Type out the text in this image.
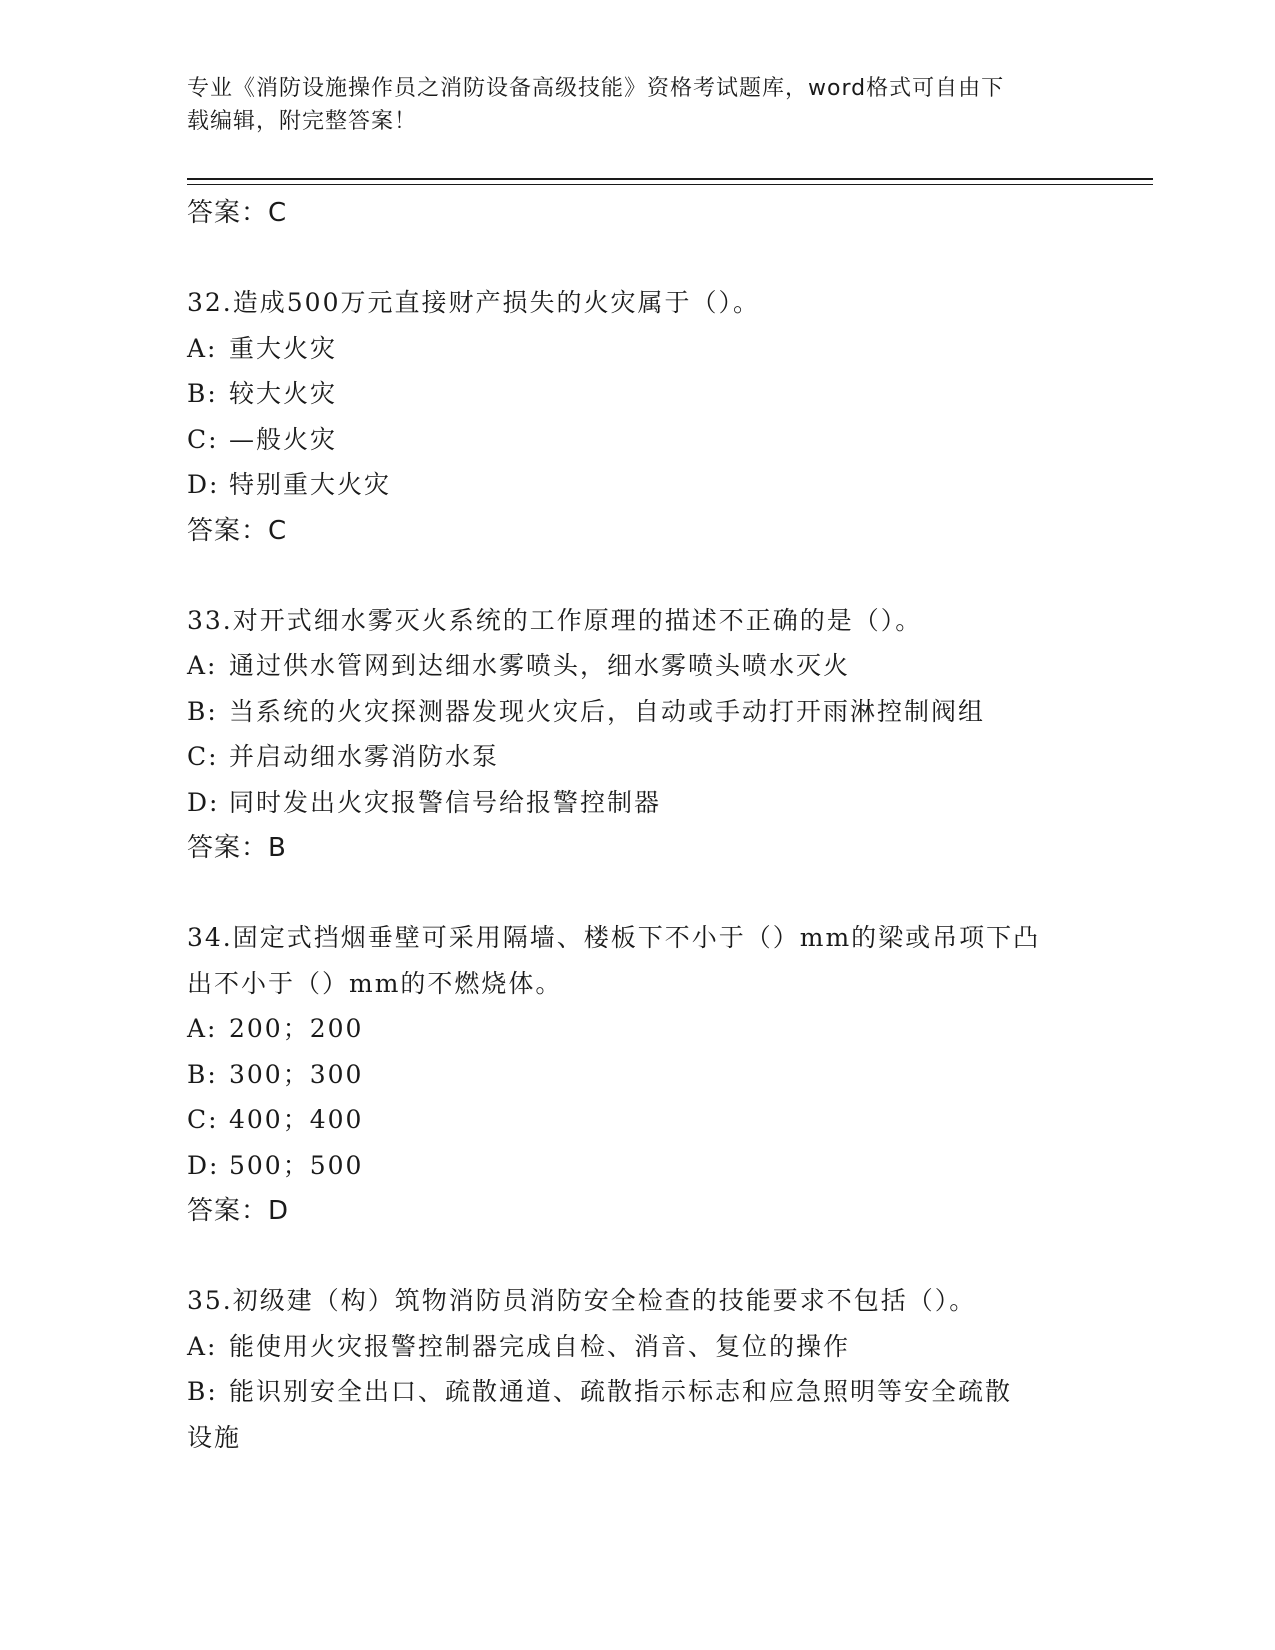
专业《消防设施操作员之消防设备高级技能》资格考试题库，word格式可自由下
载编辑，附完整答案！
答案：C

32.造成500万元直接财产损失的火灾属于（）。

A: 重大火灾
B: 较大火灾
C: —般火灾
D: 特别重大火灾
答案：C

33.对开式细水雾灭火系统的工作原理的描述不正确的是（）。

A: 通过供水管网到达细水雾喷头，细水雾喷头喷水灭火
B: 当系统的火灾探测器发现火灾后，自动或手动打开雨淋控制阀组
C: 并启动细水雾消防水泵
D: 同时发出火灾报警信号给报警控制器
答案：B

34.固定式挡烟垂壁可采用隔墙、楼板下不小于（）mm的梁或吊项下凸

出不小于（）mm的不燃烧体。

A: 200；200
B: 300；300
C: 400；400
D: 500；500
答案：D

35.初级建（构）筑物消防员消防安全检查的技能要求不包括（）。

A: 能使用火灾报警控制器完成自检、消音、复位的操作
B: 能识别安全出口、疏散通道、疏散指示标志和应急照明等安全疏散
设施
